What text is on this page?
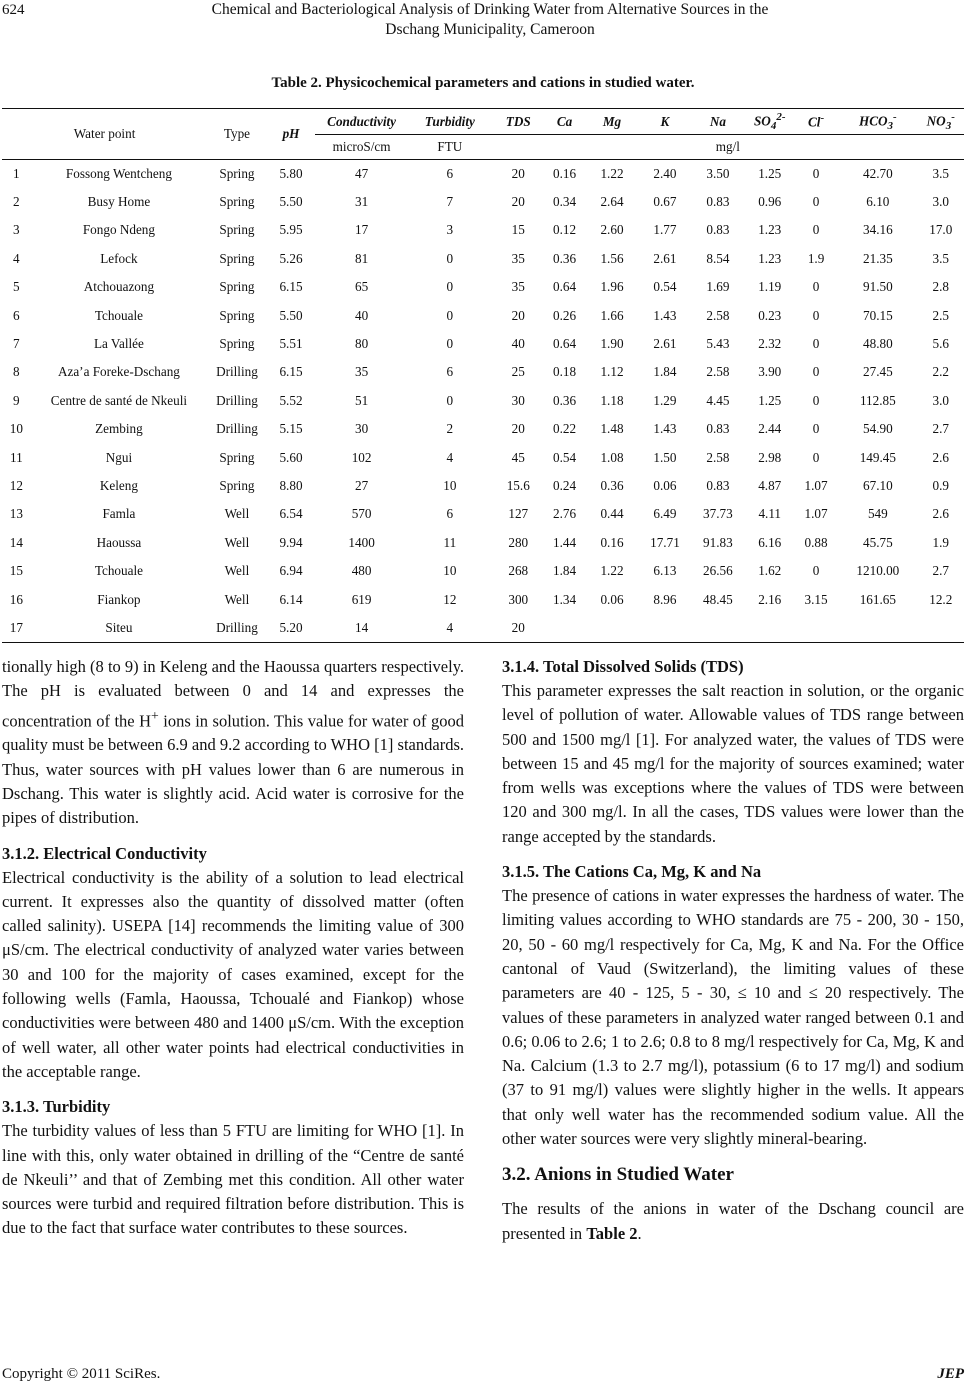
624	Chemical and Bacteriological Analysis of Drinking Water from Alternative Sources in the
Dschang Municipality, Cameroon
Table 2. Physicochemical parameters and cations in studied water.
Water point		Type	pH	Conductivity	Turbidity	TDS	Ca	Mg	K	Na	$SO_4^{2-}$	Cl-	$HCO_3^-$	$NO_3^-$
				microS/cm	FTU	mg/l								
1	Fossong Wentcheng	Spring	5.80	47	6	20	0.16	1.22	2.40	3.50	1.25	0	42.70	3.5
2	Busy Home	Spring	5.50	31	7	20	0.34	2.64	0.67	0.83	0.96	0	6.10	3.0
3	Fongo Ndeng	Spring	5.95	17	3	15	0.12	2.60	1.77	0.83	1.23	0	34.16	17.0
4	Lefock	Spring	5.26	81	0	35	0.36	1.56	2.61	8.54	1.23	1.9	21.35	3.5
5	Atchouazong	Spring	6.15	65	0	35	0.64	1.96	0.54	1.69	1.19	0	91.50	2.8
6	Tchouale	Spring	5.50	40	0	20	0.26	1.66	1.43	2.58	0.23	0	70.15	2.5
7	La Vallée	Spring	5.51	80	0	40	0.64	1.90	2.61	5.43	2.32	0	48.80	5.6
8	Aza’a Foreke-Dschang	Drilling	6.15	35	6	25	0.18	1.12	1.84	2.58	3.90	0	27.45	2.2
9	Centre de santé de Nkeuli	Drilling	5.52	51	0	30	0.36	1.18	1.29	4.45	1.25	0	112.85	3.0
10	Zembing	Drilling	5.15	30	2	20	0.22	1.48	1.43	0.83	2.44	0	54.90	2.7
11	Ngui	Spring	5.60	102	4	45	0.54	1.08	1.50	2.58	2.98	0	149.45	2.6
12	Keleng	Spring	8.80	27	10	15.6	0.24	0.36	0.06	0.83	4.87	1.07	67.10	0.9
13	Famla	Well	6.54	570	6	127	2.76	0.44	6.49	37.73	4.11	1.07	549	2.6
14	Haoussa	Well	9.94	1400	11	280	1.44	0.16	17.71	91.83	6.16	0.88	45.75	1.9
15	Tchouale	Well	6.94	480	10	268	1.84	1.22	6.13	26.56	1.62	0	1210.00	2.7
16	Fiankop	Well	6.14	619	12	300	1.34	0.06	8.96	48.45	2.16	3.15	161.65	12.2
17	Siteu	Drilling	5.20	14	4	20								

tionally high (8 to 9) in Keleng and the Haoussa quarters respectively. The pH is evaluated between 0 and 14 and expresses the concentration of the H+ ions in solution. This value for water of good quality must be between 6.9 and 9.2 according to WHO [1] standards. Thus, water sources with pH values lower than 6 are numerous in Dschang. This water is slightly acid. Acid water is corrosive for the pipes of distribution.

3.1.2. Electrical Conductivity

Electrical conductivity is the ability of a solution to lead electrical current. It expresses also the quantity of dissolved matter (often called salinity). USEPA [14] recommends the limiting value of 300 μS/cm. The electrical conductivity of analyzed water varies between 30 and 100 for the majority of cases examined, except for the following wells (Famla, Haoussa, Tchoualé and Fiankop) whose conductivities were between 480 and 1400 μS/cm. With the exception of well water, all other water points had electrical conductivities in the acceptable range.

3.1.3. Turbidity

The turbidity values of less than 5 FTU are limiting for WHO [1]. In line with this, only water obtained in drilling of the “Centre de santé de Nkeuli’’ and that of Zembing met this condition. All other water sources were turbid and required filtration before distribution. This is due to the fact that surface water contributes to these sources.

3.1.4. Total Dissolved Solids (TDS)

This parameter expresses the salt reaction in solution, or the organic level of pollution of water. Allowable values of TDS range between 500 and 1500 mg/l [1]. For analyzed water, the values of TDS were between 15 and 45 mg/l for the majority of sources examined; water from wells was exceptions where the values of TDS were between 120 and 300 mg/l. In all the cases, TDS values were lower than the range accepted by the standards.

3.1.5. The Cations Ca, Mg, K and Na

The presence of cations in water expresses the hardness of water. The limiting values according to WHO standards are 75 - 200, 30 - 150, 20, 50 - 60 mg/l respectively for Ca, Mg, K and Na. For the Office cantonal of Vaud (Switzerland), the limiting values of these parameters are 40 - 125, 5 - 30, ≤ 10 and ≤ 20 respectively. The values of these parameters in analyzed water ranged between 0.1 and 0.6; 0.06 to 2.6; 1 to 2.6; 0.8 to 8 mg/l respectively for Ca, Mg, K and Na. Calcium (1.3 to 2.7 mg/l), potassium (6 to 17 mg/l) and sodium (37 to 91 mg/l) values were slightly higher in the wells. It appears that only well water has the recommended sodium value. All the other water sources were very slightly mineral-bearing.

3.2. Anions in Studied Water

The results of the anions in water of the Dschang council are presented in Table 2.

Copyright © 2011 SciRes.	JEP
